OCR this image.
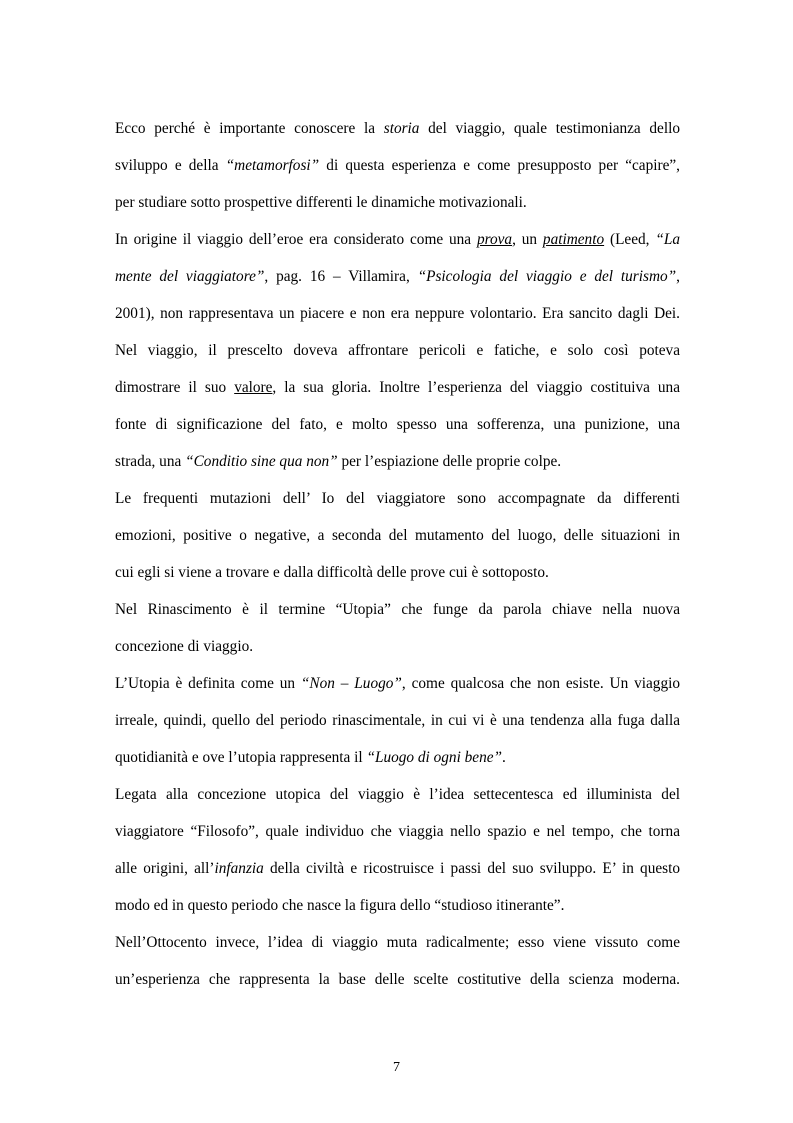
Ecco perché è importante conoscere la storia del viaggio, quale testimonianza dello
sviluppo e della “metamorfosi” di questa esperienza e come presupposto per “capire”,
per studiare sotto prospettive differenti le dinamiche motivazionali.
In origine il viaggio dell’eroe era considerato come una prova, un patimento (Leed, “La
mente del viaggiatore”, pag. 16 – Villamira, “Psicologia del viaggio e del turismo”,
2001), non rappresentava un piacere e non era neppure volontario. Era sancito dagli Dei.
Nel viaggio, il prescelto doveva affrontare pericoli e fatiche, e solo così poteva
dimostrare il suo valore, la sua gloria. Inoltre l’esperienza del viaggio costituiva una
fonte di significazione del fato, e molto spesso una sofferenza, una punizione, una
strada, una “Conditio sine qua non” per l’espiazione delle proprie colpe.
Le frequenti mutazioni dell’ Io del viaggiatore sono accompagnate da differenti
emozioni, positive o negative, a seconda del mutamento del luogo, delle situazioni in
cui egli si viene a trovare e dalla difficoltà delle prove cui è sottoposto.
Nel Rinascimento è il termine “Utopia” che funge da parola chiave nella nuova
concezione di viaggio.
L’Utopia è definita come un “Non – Luogo”, come qualcosa che non esiste. Un viaggio
irreale, quindi, quello del periodo rinascimentale, in cui vi è una tendenza alla fuga dalla
quotidianità e ove l’utopia rappresenta il “Luogo di ogni bene”.
Legata alla concezione utopica del viaggio è l’idea settecentesca ed illuminista del
viaggiatore “Filosofo”, quale individuo che viaggia nello spazio e nel tempo, che torna
alle origini, all’infanzia della civiltà e ricostruisce i passi del suo sviluppo. E’ in questo
modo ed in questo periodo che nasce la figura dello “studioso itinerante”.
Nell’Ottocento invece, l’idea di viaggio muta radicalmente; esso viene vissuto come
un’esperienza che rappresenta la base delle scelte costitutive della scienza moderna.
7
